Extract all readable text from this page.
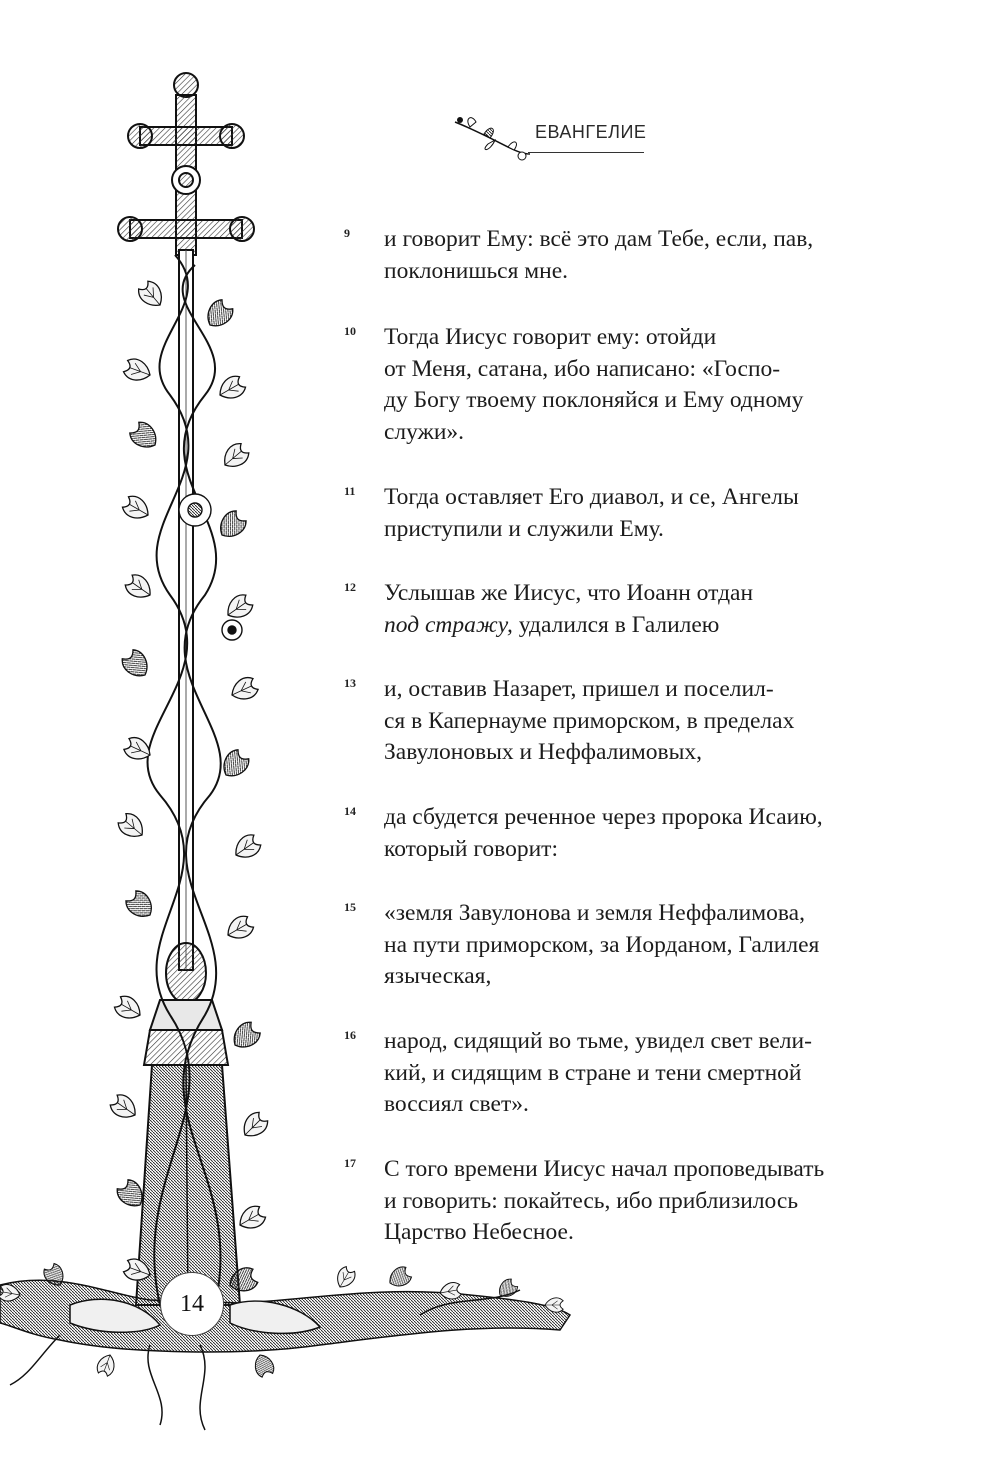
ЕВАНГЕЛИЕ
9 и говорит Ему: всё это дам Тебе, если, пав,
поклонишься мне.
10 Тогда Иисус говорит ему: отойди
от Меня, сатана, ибо написано: «Госпо-
ду Богу твоему поклоняйся и Ему одному
служи».
11 Тогда оставляет Его диавол, и се, Ангелы
приступили и служили Ему.
12 Услышав же Иисус, что Иоанн отдан
под стражу, удалился в Галилею
13 и, оставив Назарет, пришел и поселил-
ся в Капернауме приморском, в пределах
Завулоновых и Неффалимовых,
14 да сбудется реченное через пророка Исаию,
который говорит:
15 «земля Завулонова и земля Неффалимова,
на пути приморском, за Иорданом, Галилея
языческая,
16 народ, сидящий во тьме, увидел свет вели-
кий, и сидящим в стране и тени смертной
воссиял свет».
17 С того времени Иисус начал проповедывать
и говорить: покайтесь, ибо приблизилось
Царство Небесное.
14
